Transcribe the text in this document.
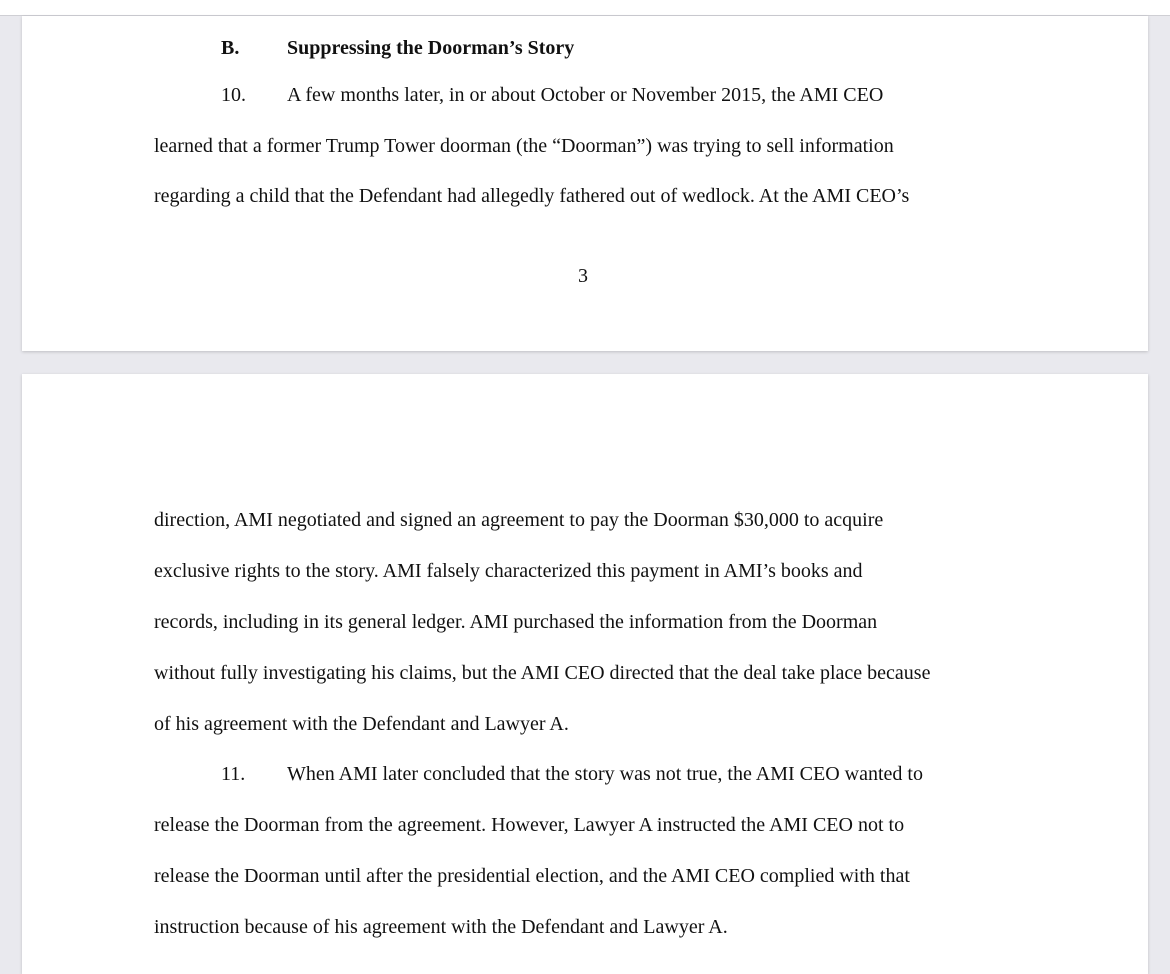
B. Suppressing the Doorman’s Story
10. A few months later, in or about October or November 2015, the AMI CEO
learned that a former Trump Tower doorman (the “Doorman”) was trying to sell information
regarding a child that the Defendant had allegedly fathered out of wedlock. At the AMI CEO’s
3
direction, AMI negotiated and signed an agreement to pay the Doorman $30,000 to acquire
exclusive rights to the story. AMI falsely characterized this payment in AMI’s books and
records, including in its general ledger. AMI purchased the information from the Doorman
without fully investigating his claims, but the AMI CEO directed that the deal take place because
of his agreement with the Defendant and Lawyer A.
11. When AMI later concluded that the story was not true, the AMI CEO wanted to
release the Doorman from the agreement. However, Lawyer A instructed the AMI CEO not to
release the Doorman until after the presidential election, and the AMI CEO complied with that
instruction because of his agreement with the Defendant and Lawyer A.
